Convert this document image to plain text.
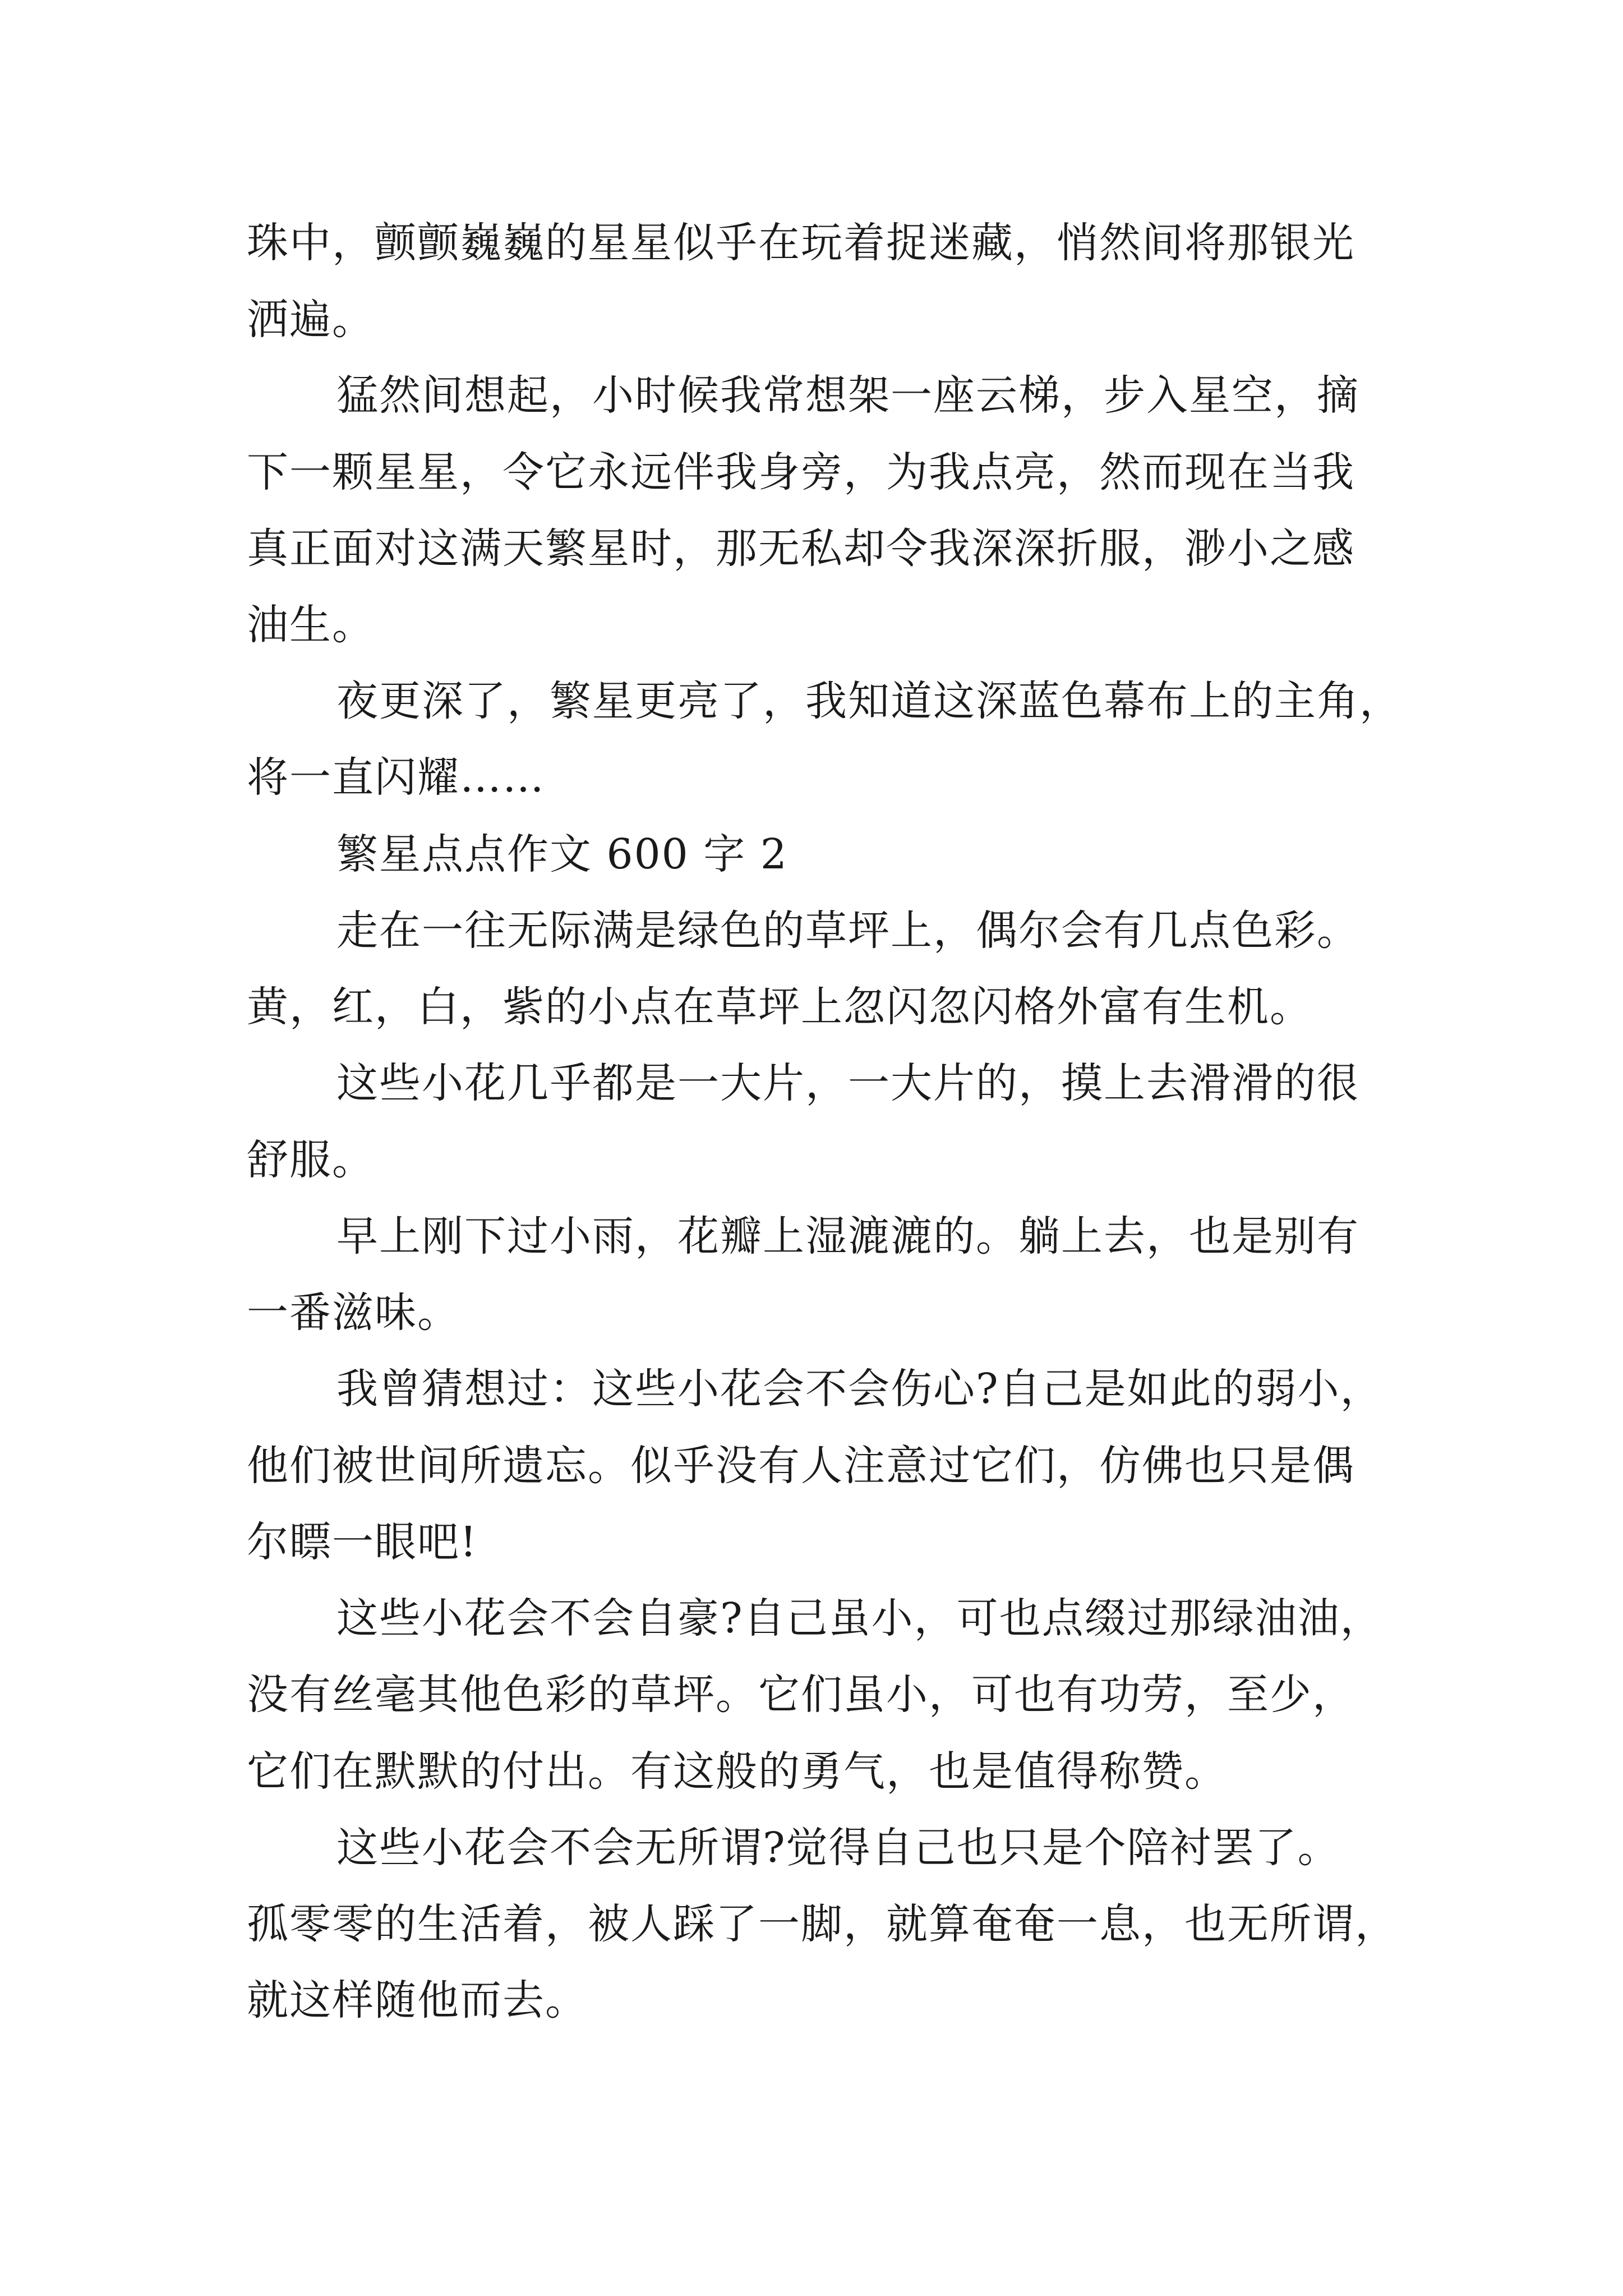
珠中，颤颤巍巍的星星似乎在玩着捉迷藏，悄然间将那银光
洒遍。
猛然间想起，小时候我常想架一座云梯，步入星空，摘
下一颗星星，令它永远伴我身旁，为我点亮，然而现在当我
真正面对这满天繁星时，那无私却令我深深折服，渺小之感
油生。
夜更深了，繁星更亮了，我知道这深蓝色幕布上的主角，
将一直闪耀……
繁星点点作文 600 字 2
走在一往无际满是绿色的草坪上，偶尔会有几点色彩。
黄，红，白，紫的小点在草坪上忽闪忽闪格外富有生机。
这些小花几乎都是一大片，一大片的，摸上去滑滑的很
舒服。
早上刚下过小雨，花瓣上湿漉漉的。躺上去，也是别有
一番滋味。
我曾猜想过：这些小花会不会伤心?自己是如此的弱小，
他们被世间所遗忘。似乎没有人注意过它们，仿佛也只是偶
尔瞟一眼吧!
这些小花会不会自豪?自己虽小，可也点缀过那绿油油，
没有丝毫其他色彩的草坪。它们虽小，可也有功劳，至少，
它们在默默的付出。有这般的勇气，也是值得称赞。
这些小花会不会无所谓?觉得自己也只是个陪衬罢了。
孤零零的生活着，被人踩了一脚，就算奄奄一息，也无所谓，
就这样随他而去。
